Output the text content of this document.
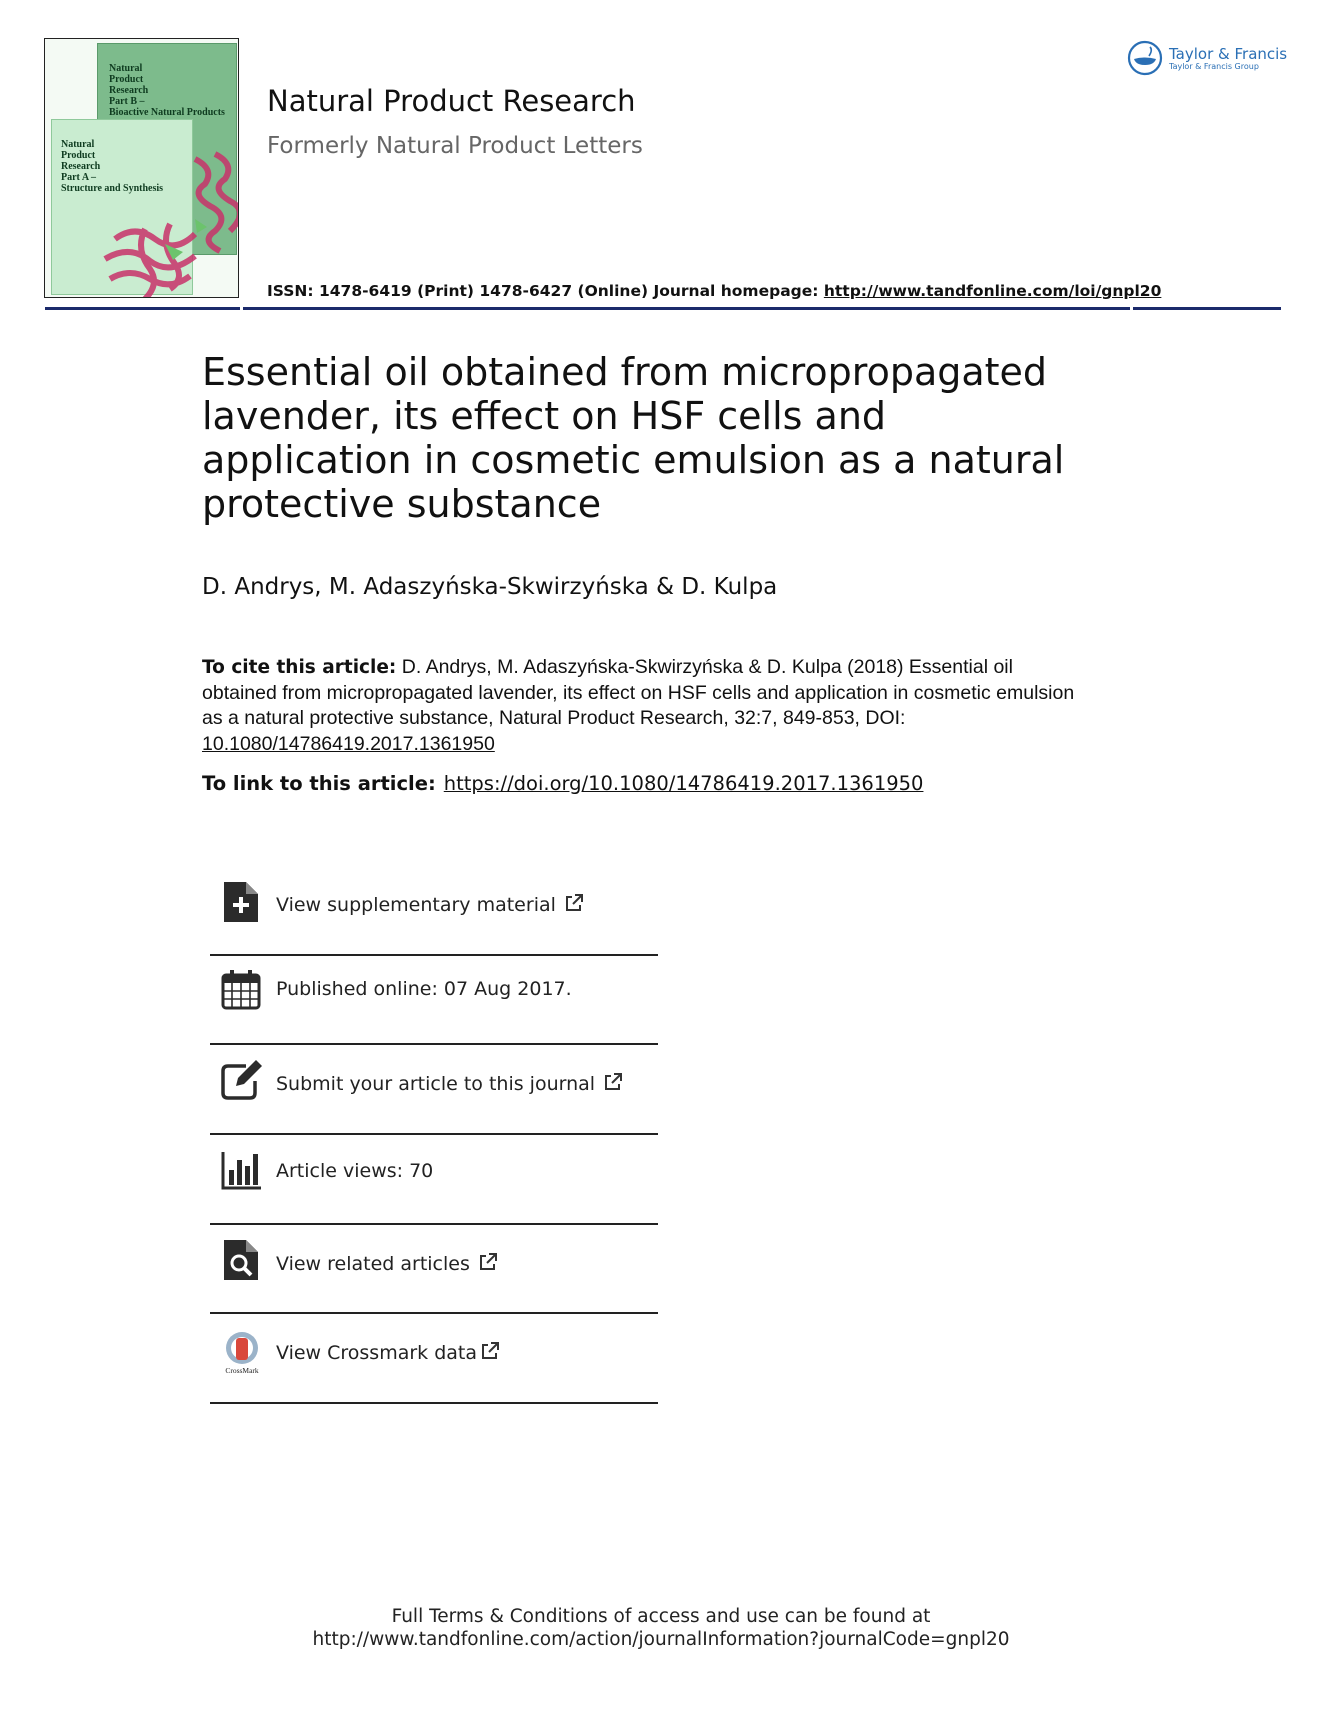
Natural
Product
Research
Part B –
Bioactive Natural Products
Natural
Product
Research
Part A –
Structure and Synthesis
Natural Product Research
Formerly Natural Product Letters
ISSN: 1478-6419 (Print) 1478-6427 (Online) Journal homepage: http://www.tandfonline.com/loi/gnpl20
Taylor & Francis
Taylor & Francis Group
Essential oil obtained from micropropagated lavender, its effect on HSF cells and application in cosmetic emulsion as a natural protective substance
D. Andrys, M. Adaszyńska-Skwirzyńska & D. Kulpa
To cite this article: D. Andrys, M. Adaszyńska-Skwirzyńska & D. Kulpa (2018) Essential oil obtained from micropropagated lavender, its effect on HSF cells and application in cosmetic emulsion as a natural protective substance, Natural Product Research, 32:7, 849-853, DOI: 10.1080/14786419.2017.1361950
To link to this article: https://doi.org/10.1080/14786419.2017.1361950
View supplementary material
Published online: 07 Aug 2017.
Submit your article to this journal
Article views: 70
View related articles
CrossMark
View Crossmark data
Full Terms & Conditions of access and use can be found at
http://www.tandfonline.com/action/journalInformation?journalCode=gnpl20
